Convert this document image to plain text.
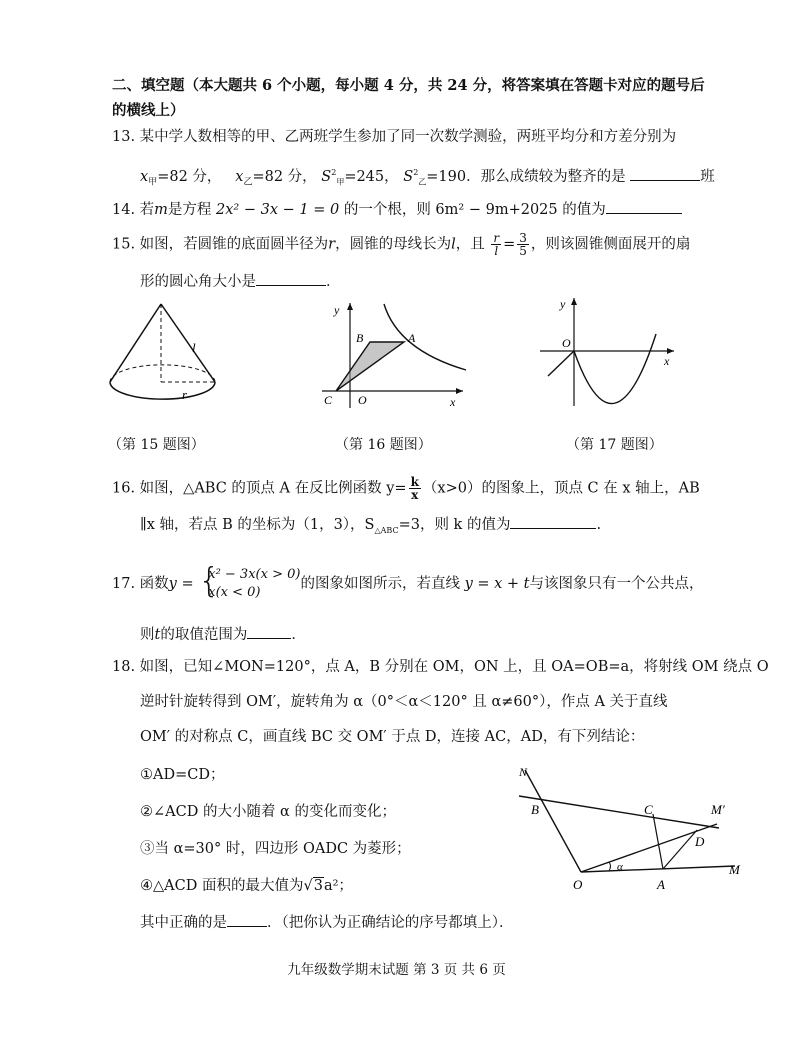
二、填空题（本大题共 6 个小题，每小题 4 分，共 24 分，将答案填在答题卡对应的题号后
的横线上）
13. 某中学人数相等的甲、乙两班学生参加了同一次数学测验，两班平均分和方差分别为
$x_甲=82$ 分， $x_乙=82$ 分， $S^2_甲=245$， $S^2_乙=190$．那么成绩较为整齐的是	班
14. 若m是方程 2x² − 3x − 1 = 0 的一个根，则 6m² − 9m+2025 的值为
15. 如图，若圆锥的底面圆半径为r，圆锥的母线长为l，且 $\frac{r}{l} = \frac{3}{5}$ ，则该圆锥侧面展开的扇
形的圆心角大小是	．
l
r
（第 15 题图）
B	A
C O
y
x
（第 16 题图）
y
O
x
（第 17 题图）
16. 如图，△ABC 的顶点 A 在反比例函数 $y= \frac{k}{x} (x>0)$的图象上，顶点 C 在 x 轴上，AB
∥x 轴，若点 B 的坐标为（1，3），$S_{\triangle ABC}=3$，则 k 的值为	.
17. 函数y = {
x² − 3x(x > 0)
x(x < 0)
的图象如图所示，若直线 y = x + t与该图象只有一个公共点，
则t的取值范围为	．
18. 如图，已知∠MON=120°，点 A，B 分别在 OM，ON 上，且 OA=OB=a，将射线 OM 绕点 O
逆时针旋转得到 OM′，旋转角为 α（0°＜α＜120° 且 α≠60°），作点 A 关于直线
OM′ 的对称点 C，画直线 BC 交 OM′ 于点 D，连接 AC，AD，有下列结论：
①AD=CD；
②∠ACD 的大小随着 α 的变化而变化；
③当 α=30° 时，四边形 OADC 为菱形；
④△ACD 面积的最大值为√3a²；
其中正确的是	．（把你认为正确结论的序号都填上）．
N
B	C	M′
D
O	A
M
α
九年级数学期末试题 第 3 页 共 6 页
